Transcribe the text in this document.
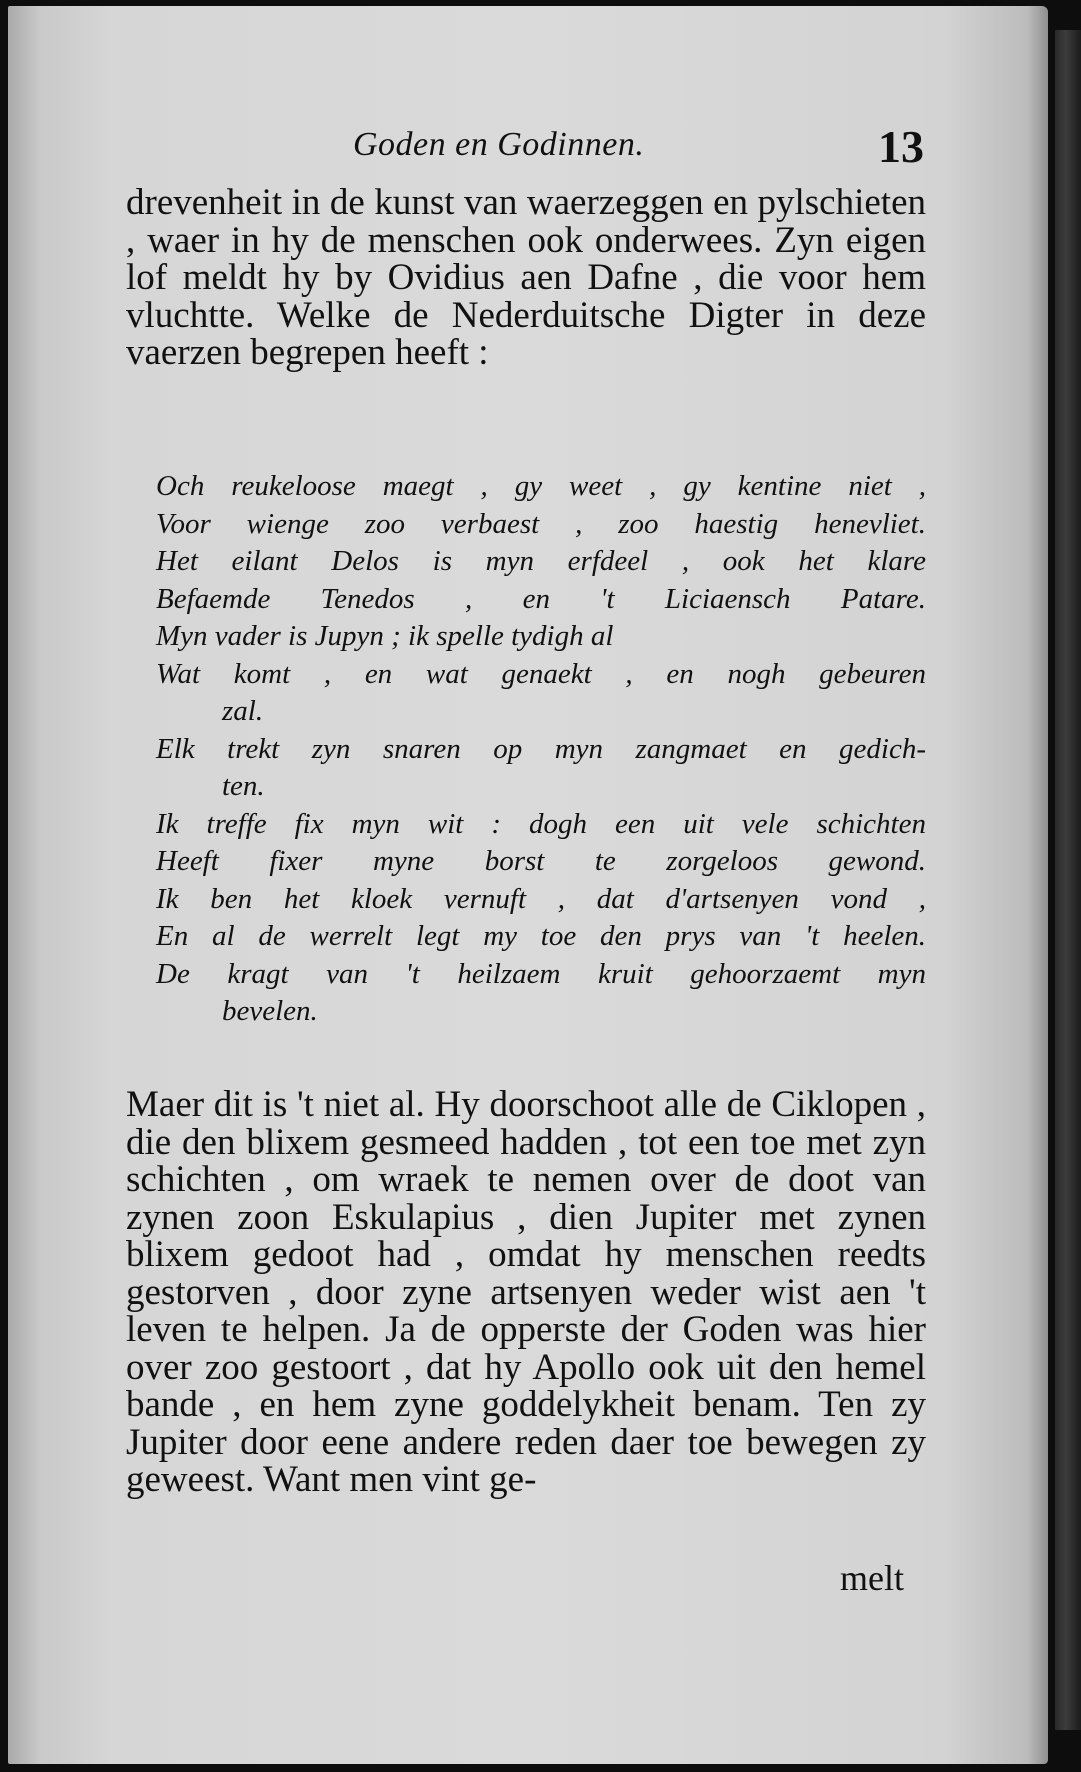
Goden en Godinnen.	13

drevenheit in de kunst van waerzeggen en pylschieten , waer in hy de menschen ook onderwees. Zyn eigen lof meldt hy by Ovidius aen Dafne , die voor hem vluchtte. Welke de Nederduitsche Digter in deze vaerzen begrepen heeft :

Och reukeloose maegt , gy weet , gy kentine niet ,
Voor wienge zoo verbaest , zoo haestig henevliet.
Het eilant Delos is myn erfdeel , ook het klare
Befaemde Tenedos , en 't Liciaensch Patare.
Myn vader is Jupyn ; ik spelle tydigh al
Wat komt , en wat genaekt , en nogh gebeuren
zal.
Elk trekt zyn snaren op myn zangmaet en gedich-
ten.
Ik treffe fix myn wit : dogh een uit vele schichten
Heeft fixer myne borst te zorgeloos gewond.
Ik ben het kloek vernuft , dat d'artsenyen vond ,
En al de werrelt legt my toe den prys van 't heelen.
De kragt van 't heilzaem kruit gehoorzaemt myn
bevelen.

Maer dit is 't niet al. Hy doorschoot alle de Ciklopen , die den blixem gesmeed hadden , tot een toe met zyn schichten , om wraek te nemen over de doot van zynen zoon Eskulapius , dien Jupiter met zynen blixem gedoot had , omdat hy menschen reedts gestorven , door zyne artsenyen weder wist aen 't leven te helpen. Ja de opperste der Goden was hier over zoo gestoort , dat hy Apollo ook uit den hemel bande , en hem zyne goddelykheit benam. Ten zy Jupiter door eene andere reden daer toe bewegen zy geweest. Want men vint ge-

melt
